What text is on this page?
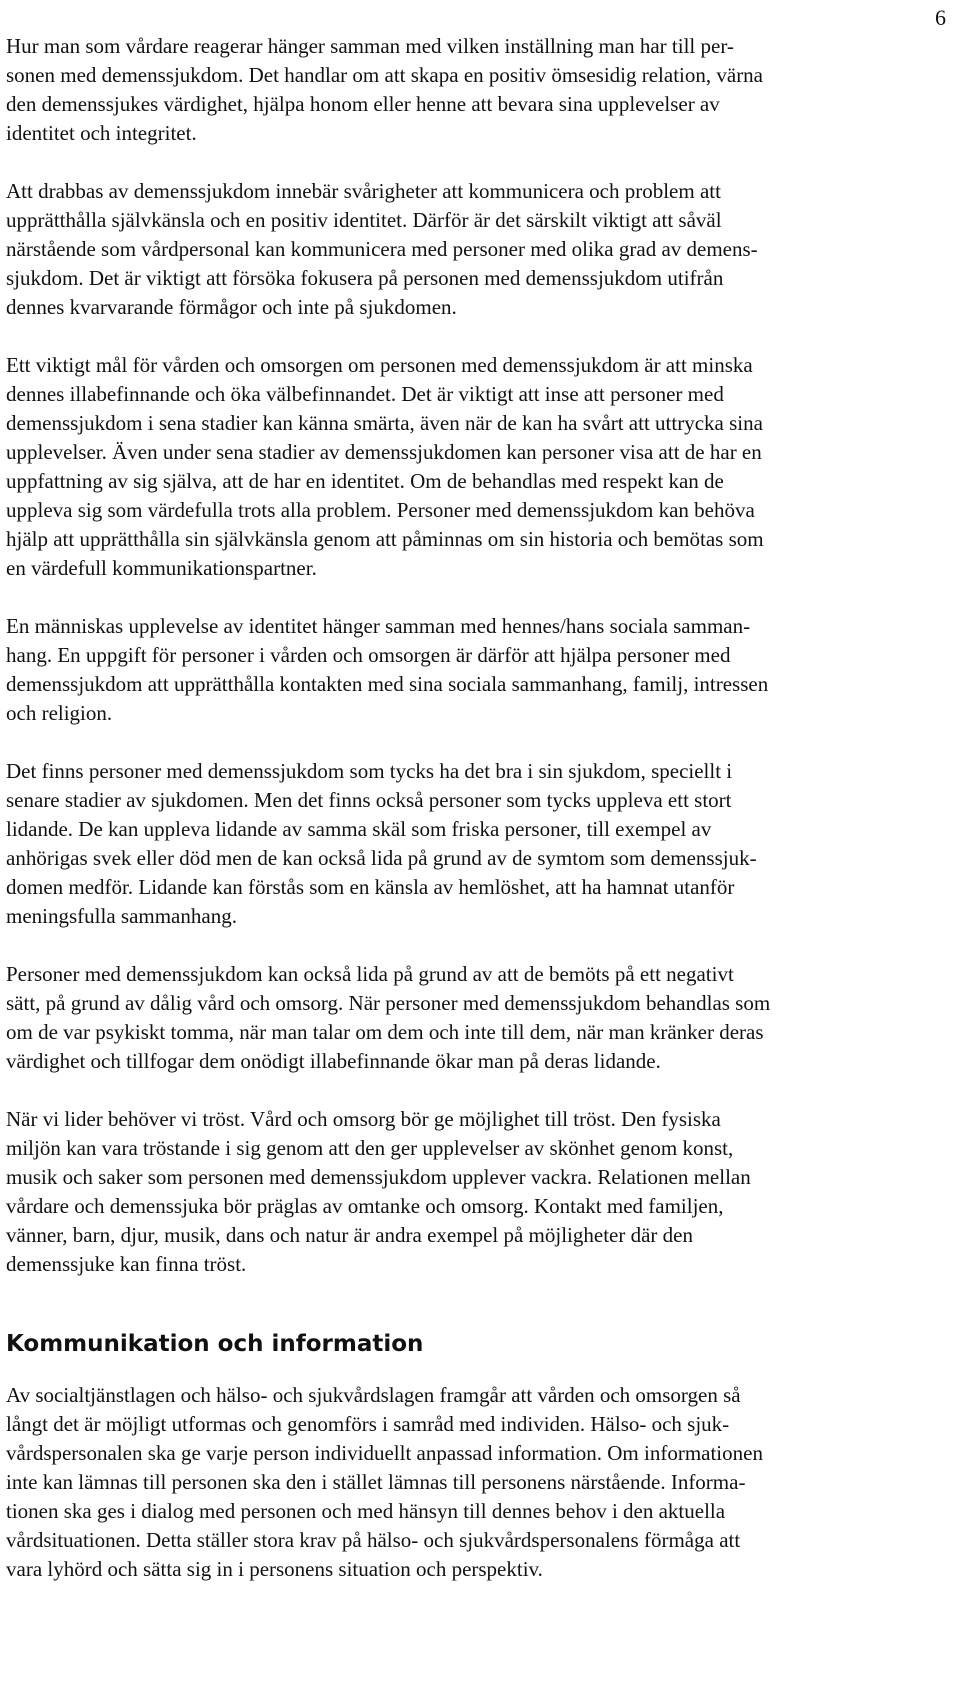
6

Hur man som vårdare reagerar hänger samman med vilken inställning man har till per-
sonen med demenssjukdom. Det handlar om att skapa en positiv ömsesidig relation, värna
den demenssjukes värdighet, hjälpa honom eller henne att bevara sina upplevelser av
identitet och integritet.

Att drabbas av demenssjukdom innebär svårigheter att kommunicera och problem att
upprätthålla självkänsla och en positiv identitet. Därför är det särskilt viktigt att såväl
närstående som vårdpersonal kan kommunicera med personer med olika grad av demens-
sjukdom. Det är viktigt att försöka fokusera på personen med demenssjukdom utifrån
dennes kvarvarande förmågor och inte på sjukdomen.

Ett viktigt mål för vården och omsorgen om personen med demenssjukdom är att minska
dennes illabefinnande och öka välbefinnandet. Det är viktigt att inse att personer med
demenssjukdom i sena stadier kan känna smärta, även när de kan ha svårt att uttrycka sina
upplevelser. Även under sena stadier av demenssjukdomen kan personer visa att de har en
uppfattning av sig själva, att de har en identitet. Om de behandlas med respekt kan de
uppleva sig som värdefulla trots alla problem. Personer med demenssjukdom kan behöva
hjälp att upprätthålla sin självkänsla genom att påminnas om sin historia och bemötas som
en värdefull kommunikationspartner.

En människas upplevelse av identitet hänger samman med hennes/hans sociala samman-
hang. En uppgift för personer i vården och omsorgen är därför att hjälpa personer med
demenssjukdom att upprätthålla kontakten med sina sociala sammanhang, familj, intressen
och religion.

Det finns personer med demenssjukdom som tycks ha det bra i sin sjukdom, speciellt i
senare stadier av sjukdomen. Men det finns också personer som tycks uppleva ett stort
lidande. De kan uppleva lidande av samma skäl som friska personer, till exempel av
anhörigas svek eller död men de kan också lida på grund av de symtom som demenssjuk-
domen medför. Lidande kan förstås som en känsla av hemlöshet, att ha hamnat utanför
meningsfulla sammanhang.

Personer med demenssjukdom kan också lida på grund av att de bemöts på ett negativt
sätt, på grund av dålig vård och omsorg. När personer med demenssjukdom behandlas som
om de var psykiskt tomma, när man talar om dem och inte till dem, när man kränker deras
värdighet och tillfogar dem onödigt illabefinnande ökar man på deras lidande.

När vi lider behöver vi tröst. Vård och omsorg bör ge möjlighet till tröst. Den fysiska
miljön kan vara tröstande i sig genom att den ger upplevelser av skönhet genom konst,
musik och saker som personen med demenssjukdom upplever vackra. Relationen mellan
vårdare och demenssjuka bör präglas av omtanke och omsorg. Kontakt med familjen,
vänner, barn, djur, musik, dans och natur är andra exempel på möjligheter där den
demenssjuke kan finna tröst.

Kommunikation och information

Av socialtjänstlagen och hälso- och sjukvårdslagen framgår att vården och omsorgen så
långt det är möjligt utformas och genomförs i samråd med individen. Hälso- och sjuk-
vårdspersonalen ska ge varje person individuellt anpassad information. Om informationen
inte kan lämnas till personen ska den i stället lämnas till personens närstående. Informa-
tionen ska ges i dialog med personen och med hänsyn till dennes behov i den aktuella
vårdsituationen. Detta ställer stora krav på hälso- och sjukvårdspersonalens förmåga att
vara lyhörd och sätta sig in i personens situation och perspektiv.
